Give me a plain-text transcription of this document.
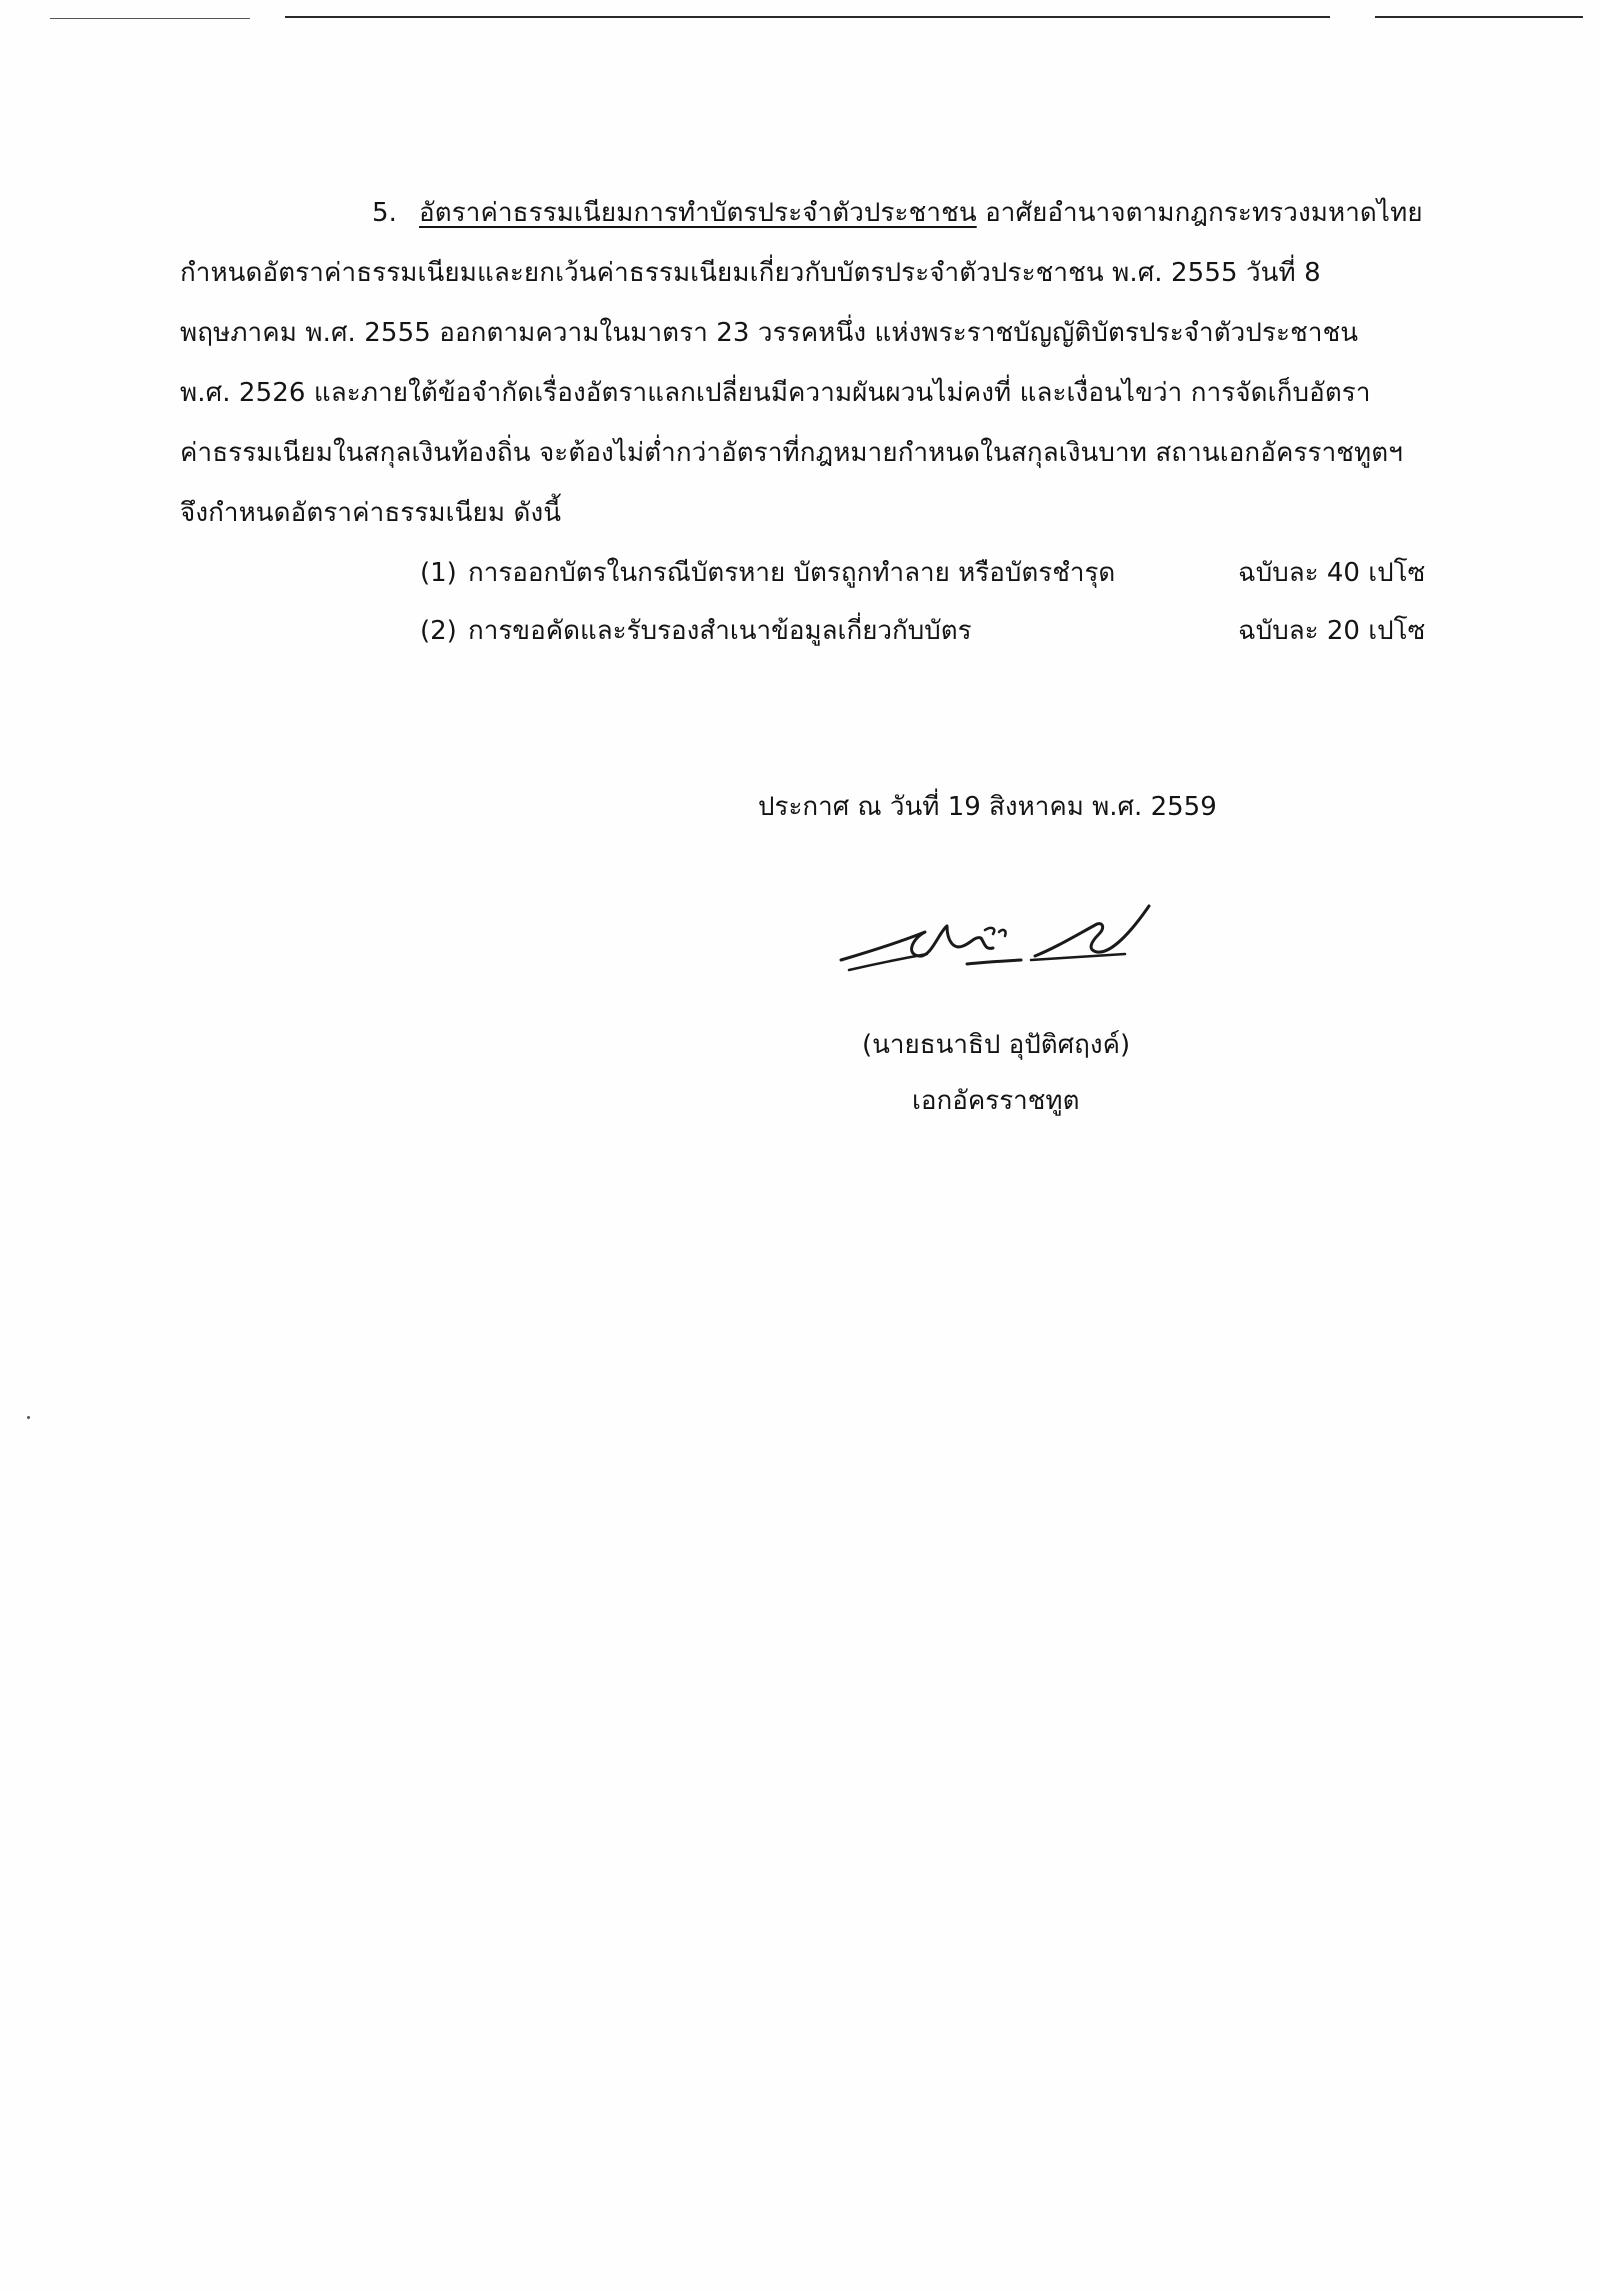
5. อัตราค่าธรรมเนียมการทำบัตรประจำตัวประชาชน อาศัยอำนาจตามกฎกระทรวงมหาดไทย
กำหนดอัตราค่าธรรมเนียมและยกเว้นค่าธรรมเนียมเกี่ยวกับบัตรประจำตัวประชาชน พ.ศ. 2555 วันที่ 8
พฤษภาคม พ.ศ. 2555 ออกตามความในมาตรา 23 วรรคหนึ่ง แห่งพระราชบัญญัติบัตรประจำตัวประชาชน
พ.ศ. 2526 และภายใต้ข้อจำกัดเรื่องอัตราแลกเปลี่ยนมีความผันผวนไม่คงที่ และเงื่อนไขว่า การจัดเก็บอัตรา
ค่าธรรมเนียมในสกุลเงินท้องถิ่น จะต้องไม่ต่ำกว่าอัตราที่กฎหมายกำหนดในสกุลเงินบาท สถานเอกอัครราชทูตฯ
จึงกำหนดอัตราค่าธรรมเนียม ดังนี้
(1) การออกบัตรในกรณีบัตรหาย บัตรถูกทำลาย หรือบัตรชำรุด	ฉบับละ 40 เปโซ
(2) การขอคัดและรับรองสำเนาข้อมูลเกี่ยวกับบัตร	ฉบับละ 20 เปโซ
ประกาศ ณ วันที่ 19 สิงหาคม พ.ศ. 2559
(นายธนาธิป อุปัติศฤงค์)
เอกอัครราชทูต
